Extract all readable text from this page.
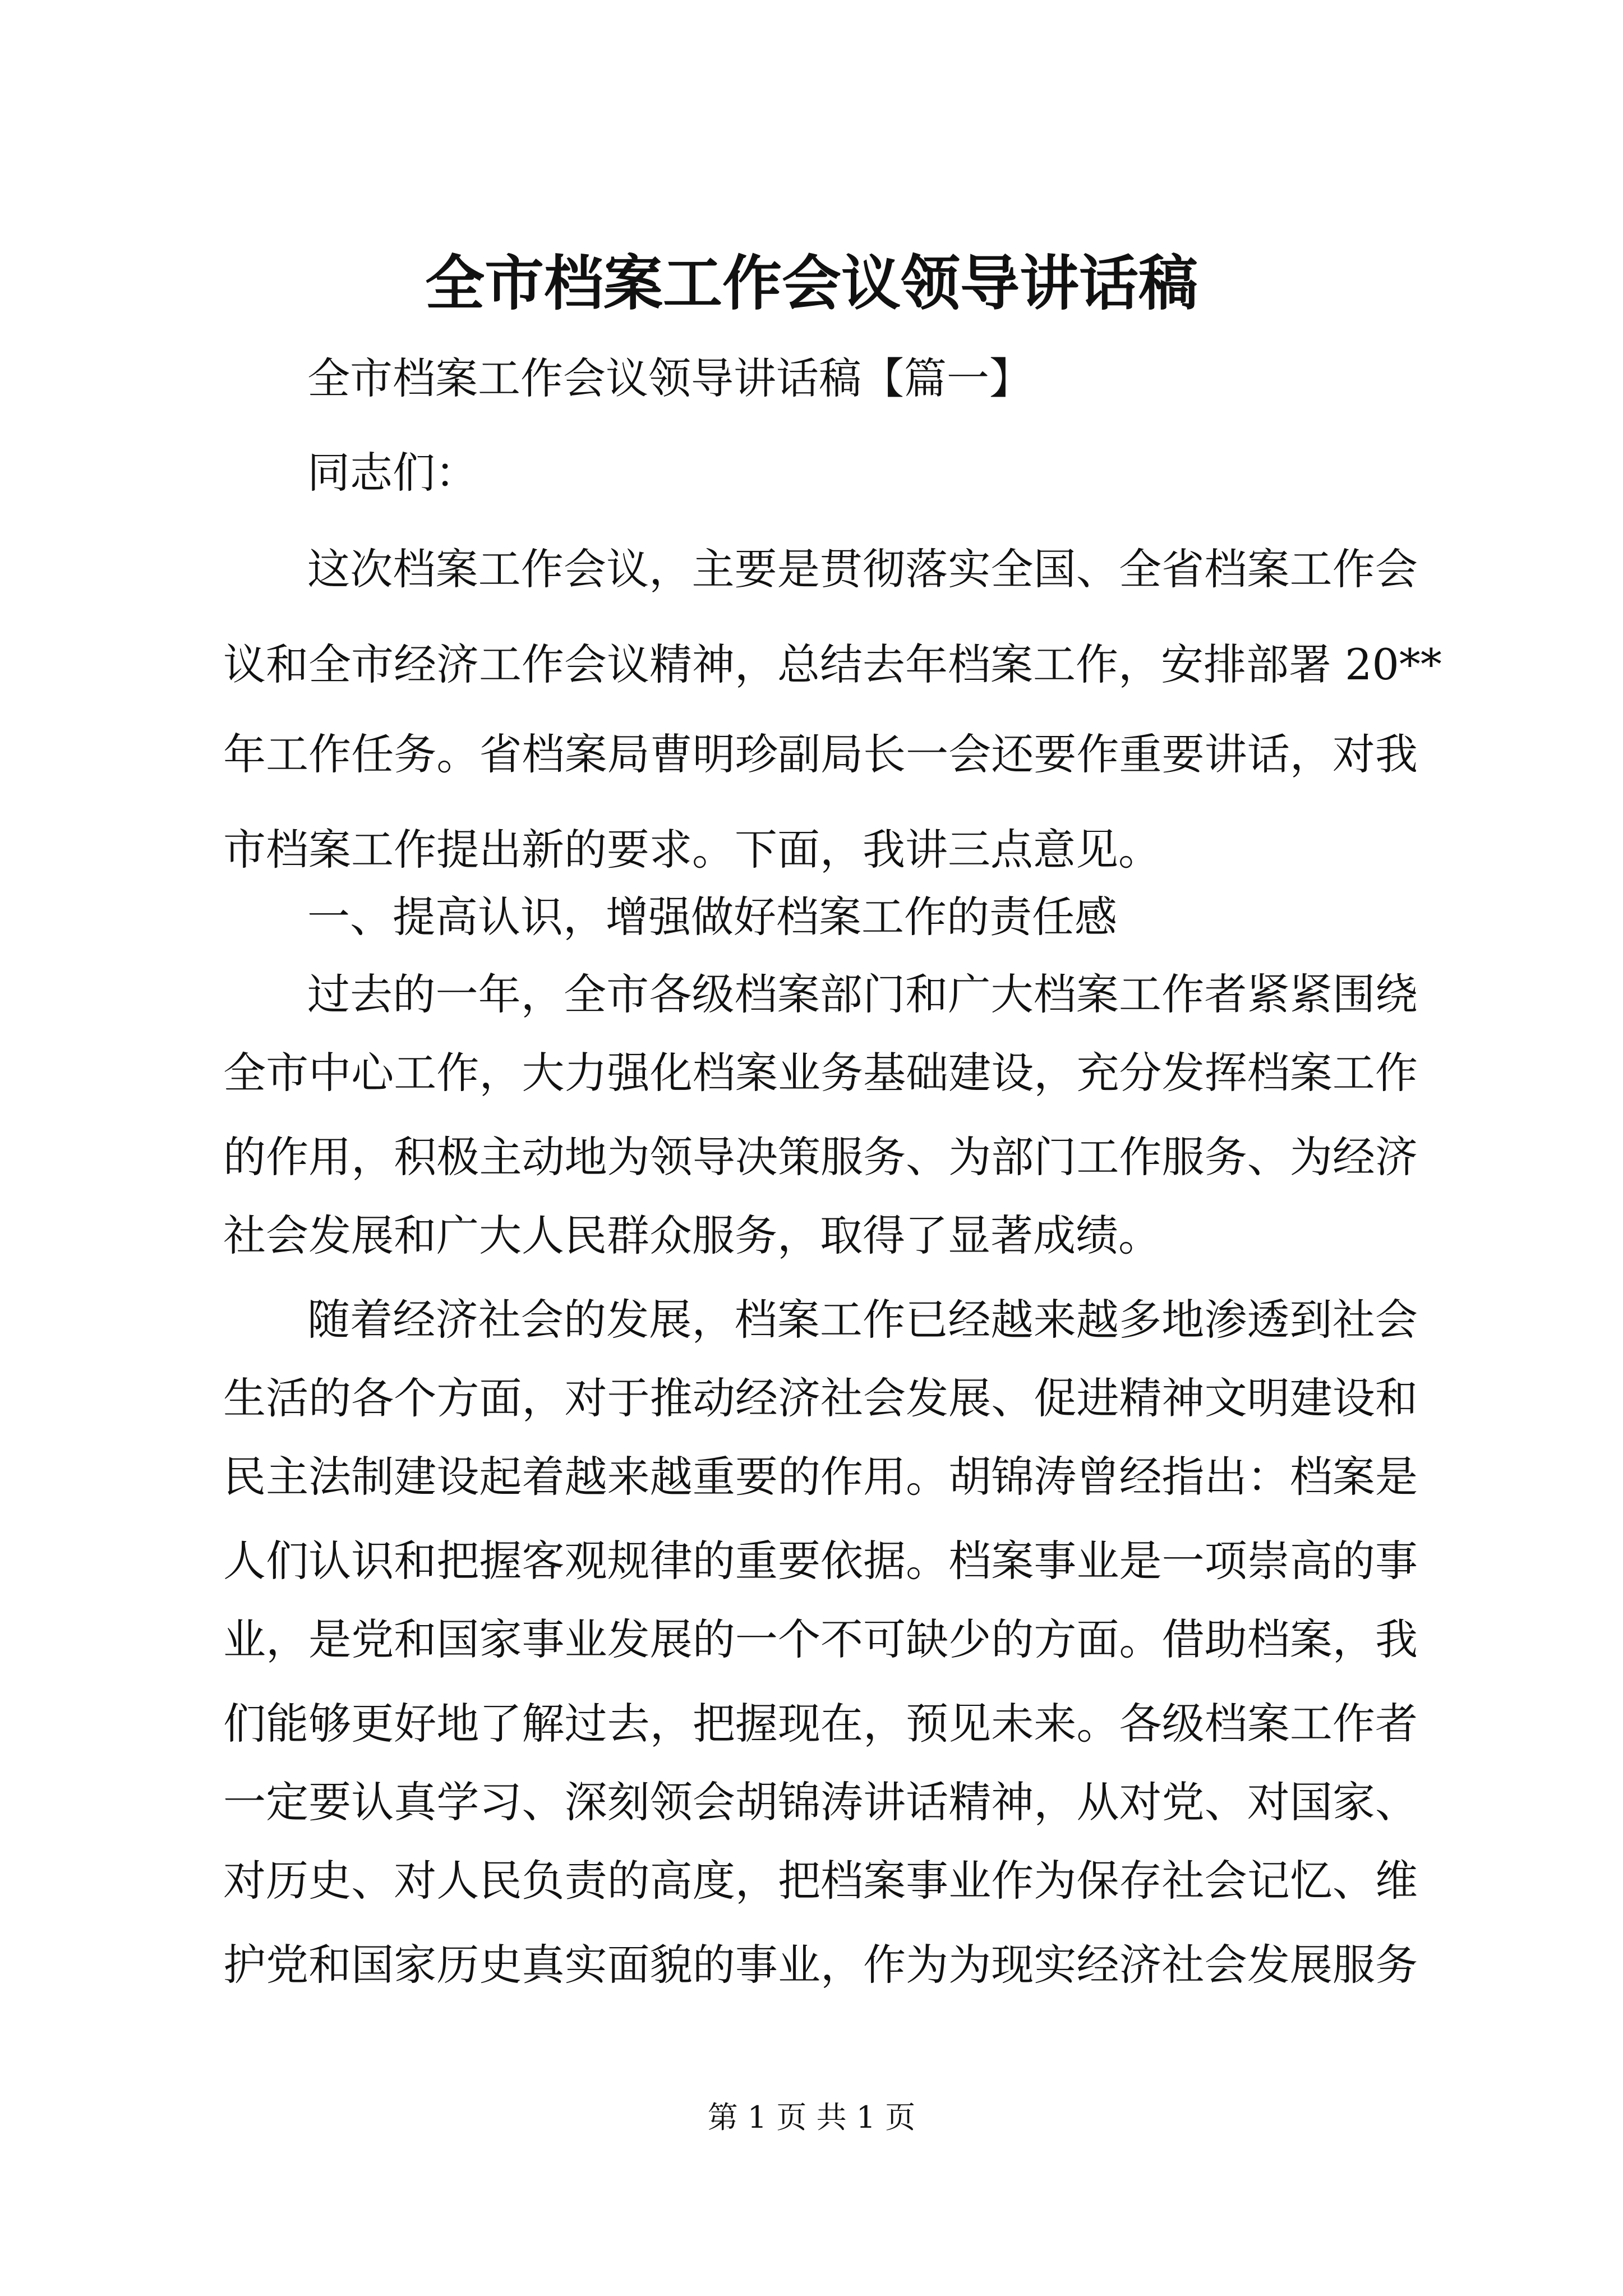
全市档案工作会议领导讲话稿

全市档案工作会议领导讲话稿【篇一】

同志们：

这次档案工作会议，主要是贯彻落实全国、全省档案工作会

议和全市经济工作会议精神，总结去年档案工作，安排部署 20**

年工作任务。省档案局曹明珍副局长一会还要作重要讲话，对我

市档案工作提出新的要求。下面，我讲三点意见。

一、提高认识，增强做好档案工作的责任感

过去的一年，全市各级档案部门和广大档案工作者紧紧围绕

全市中心工作，大力强化档案业务基础建设，充分发挥档案工作

的作用，积极主动地为领导决策服务、为部门工作服务、为经济

社会发展和广大人民群众服务，取得了显著成绩。

随着经济社会的发展，档案工作已经越来越多地渗透到社会

生活的各个方面，对于推动经济社会发展、促进精神文明建设和

民主法制建设起着越来越重要的作用。胡锦涛曾经指出：档案是

人们认识和把握客观规律的重要依据。档案事业是一项崇高的事

业，是党和国家事业发展的一个不可缺少的方面。借助档案，我

们能够更好地了解过去，把握现在，预见未来。各级档案工作者

一定要认真学习、深刻领会胡锦涛讲话精神，从对党、对国家、

对历史、对人民负责的高度，把档案事业作为保存社会记忆、维

护党和国家历史真实面貌的事业，作为为现实经济社会发展服务

第 1 页 共 1 页
